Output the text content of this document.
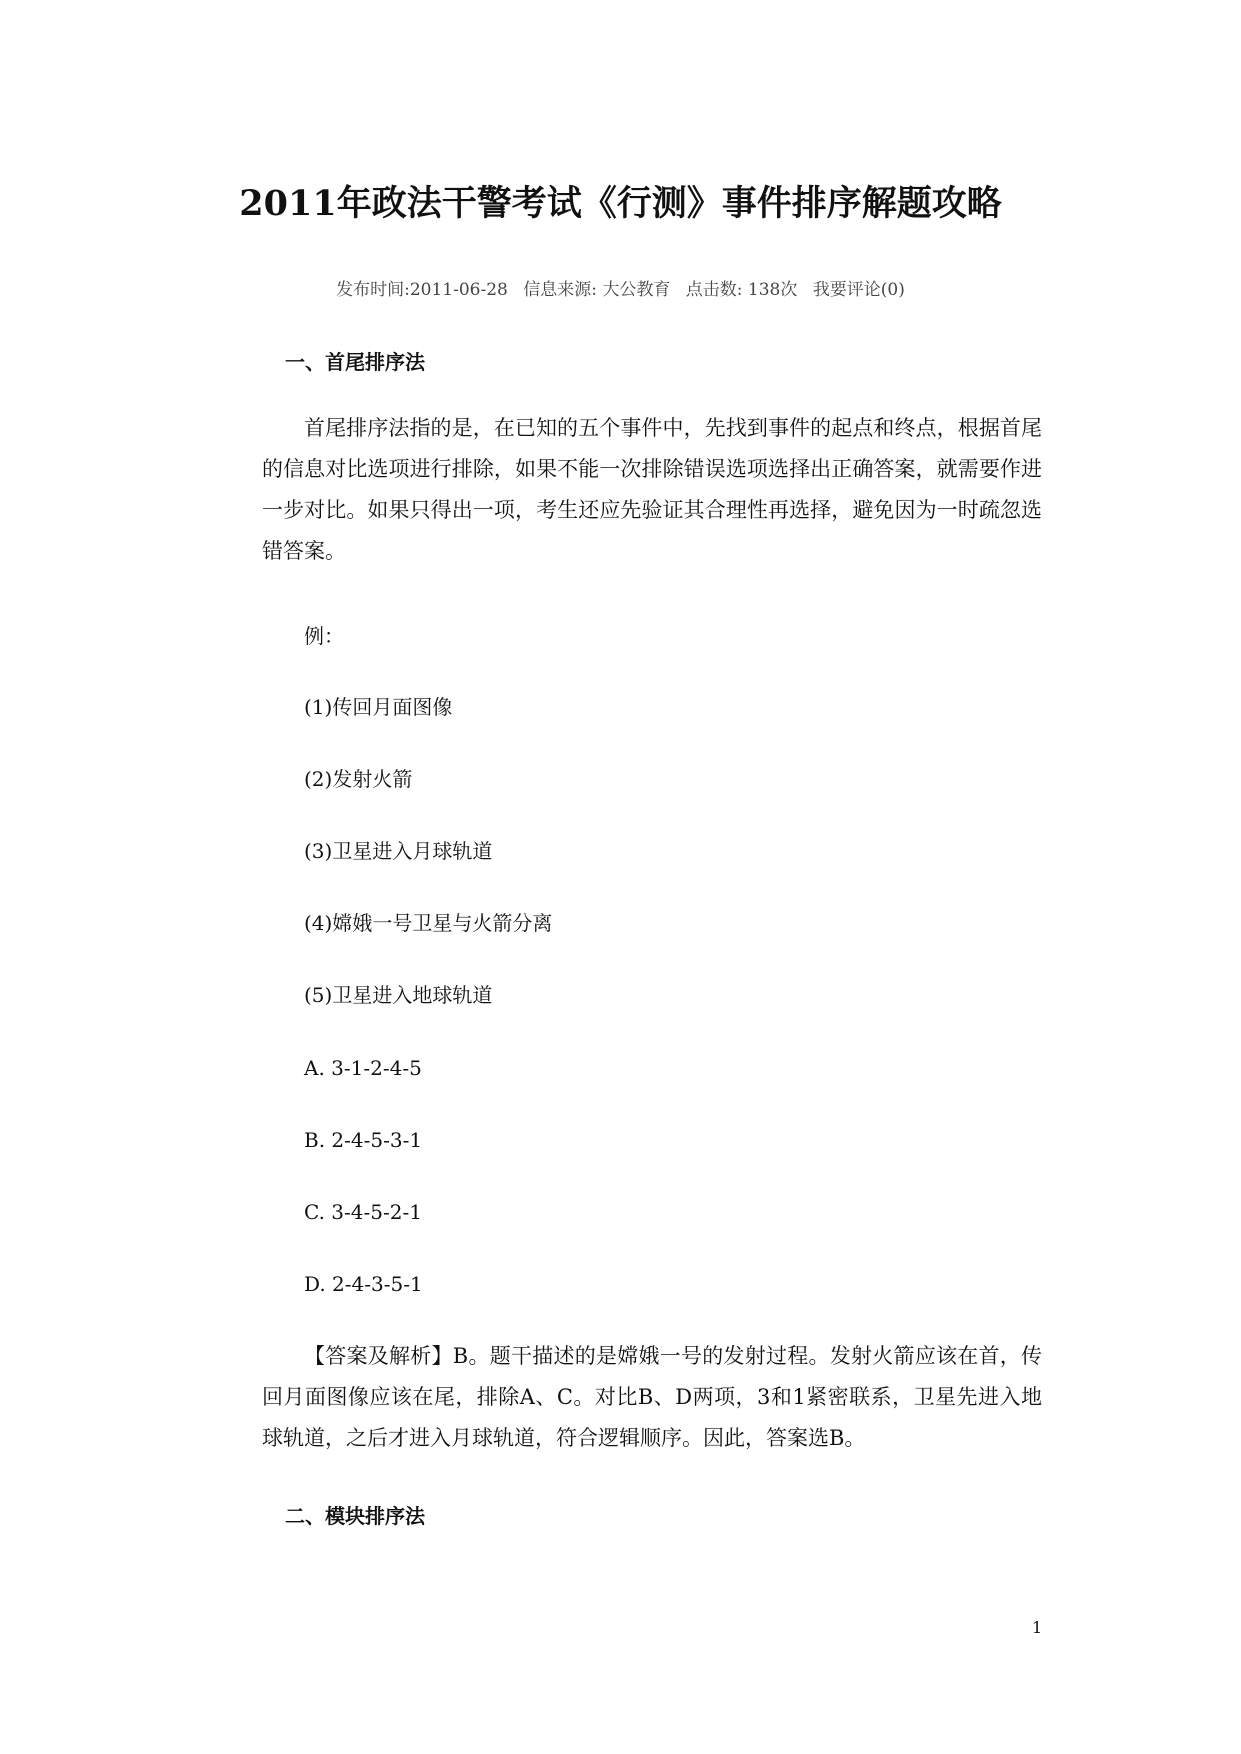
2011年政法干警考试《行测》事件排序解题攻略
发布时间:2011-06-28 信息来源: 大公教育 点击数: 138次 我要评论(0)
一、首尾排序法
首尾排序法指的是，在已知的五个事件中，先找到事件的起点和终点，根据首尾的信息对比选项进行排除，如果不能一次排除错误选项选择出正确答案，就需要作进一步对比。如果只得出一项，考生还应先验证其合理性再选择，避免因为一时疏忽选错答案。
例：
(1)传回月面图像
(2)发射火箭
(3)卫星进入月球轨道
(4)嫦娥一号卫星与火箭分离
(5)卫星进入地球轨道
A. 3-1-2-4-5
B. 2-4-5-3-1
C. 3-4-5-2-1
D. 2-4-3-5-1
【答案及解析】B。题干描述的是嫦娥一号的发射过程。发射火箭应该在首，传回月面图像应该在尾，排除A、C。对比B、D两项，3和1紧密联系，卫星先进入地球轨道，之后才进入月球轨道，符合逻辑顺序。因此，答案选B。
二、模块排序法
1
